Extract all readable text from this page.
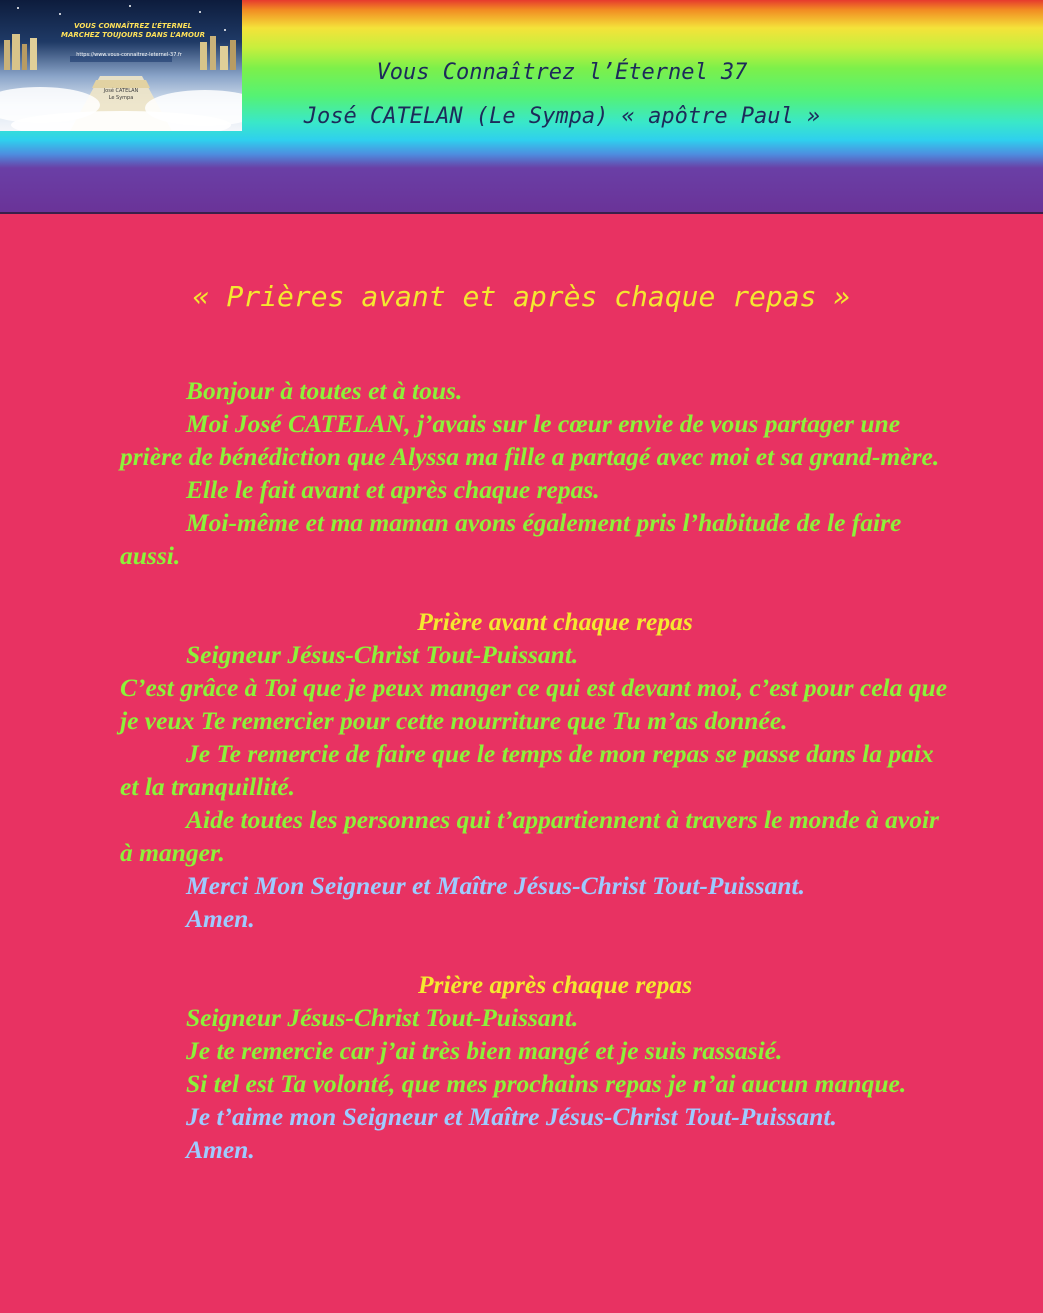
VOUS CONNAÎTREZ L’ÉTERNEL
MARCHEZ TOUJOURS DANS L’AMOUR
https://www.vous-connaitrez-leternel-37.fr
José CATELAN
Le Sympa
Vous Connaîtrez l’Éternel 37
José CATELAN (Le Sympa) « apôtre Paul »
« Prières avant et après chaque repas »

Bonjour à toutes et à tous.

Moi José CATELAN, j’avais sur le cœur envie de vous partager une prière de bénédiction que Alyssa ma fille a partagé avec moi et sa grand-mère.

Elle le fait avant et après chaque repas.

Moi-même et ma maman avons également pris l’habitude de le faire aussi.

Prière avant chaque repas

Seigneur Jésus-Christ Tout-Puissant.

C’est grâce à Toi que je peux manger ce qui est devant moi, c’est pour cela que je veux Te remercier pour cette nourriture que Tu m’as donnée.

Je Te remercie de faire que le temps de mon repas se passe dans la paix et la tranquillité.

Aide toutes les personnes qui t’appartiennent à travers le monde à avoir à manger.

Merci Mon Seigneur et Maître Jésus-Christ Tout-Puissant.

Amen.

Prière après chaque repas

Seigneur Jésus-Christ Tout-Puissant.

Je te remercie car j’ai très bien mangé et je suis rassasié.

Si tel est Ta volonté, que mes prochains repas je n’ai aucun manque.

Je t’aime mon Seigneur et Maître Jésus-Christ Tout-Puissant.

Amen.
